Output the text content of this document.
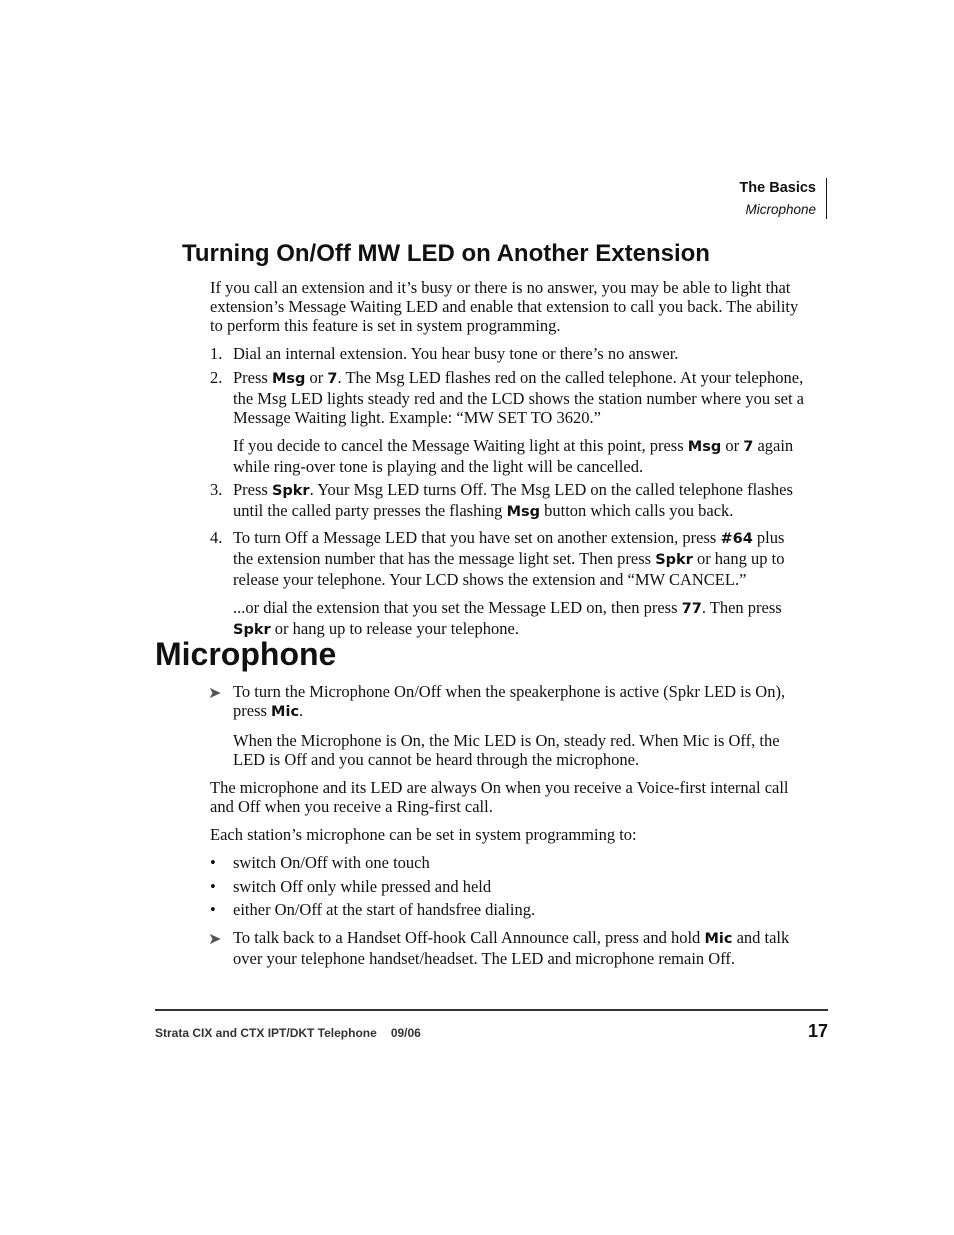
The Basics
Microphone
Turning On/Off MW LED on Another Extension

If you call an extension and it’s busy or there is no answer, you may be able to light that extension’s Message Waiting LED and enable that extension to call you back. The ability to perform this feature is set in system programming.

1. Dial an internal extension. You hear busy tone or there’s no answer.
2. Press Msg or 7. The Msg LED flashes red on the called telephone. At your telephone, the Msg LED lights steady red and the LCD shows the station number where you set a Message Waiting light. Example: “MW SET TO 3620.”
If you decide to cancel the Message Waiting light at this point, press Msg or 7 again while ring-over tone is playing and the light will be cancelled.
3. Press Spkr. Your Msg LED turns Off. The Msg LED on the called telephone flashes until the called party presses the flashing Msg button which calls you back.
4. To turn Off a Message LED that you have set on another extension, press #64 plus the extension number that has the message light set. Then press Spkr or hang up to release your telephone. Your LCD shows the extension and “MW CANCEL.”
...or dial the extension that you set the Message LED on, then press 77. Then press Spkr or hang up to release your telephone.
Microphone
➤ To turn the Microphone On/Off when the speakerphone is active (Spkr LED is On), press Mic.
When the Microphone is On, the Mic LED is On, steady red. When Mic is Off, the LED is Off and you cannot be heard through the microphone.

The microphone and its LED are always On when you receive a Voice-first internal call and Off when you receive a Ring-first call.

Each station’s microphone can be set in system programming to:

• switch On/Off with one touch
• switch Off only while pressed and held
• either On/Off at the start of handsfree dialing.
➤ To talk back to a Handset Off-hook Call Announce call, press and hold Mic and talk over your telephone handset/headset. The LED and microphone remain Off.
Strata CIX and CTX IPT/DKT Telephone 09/06	17
